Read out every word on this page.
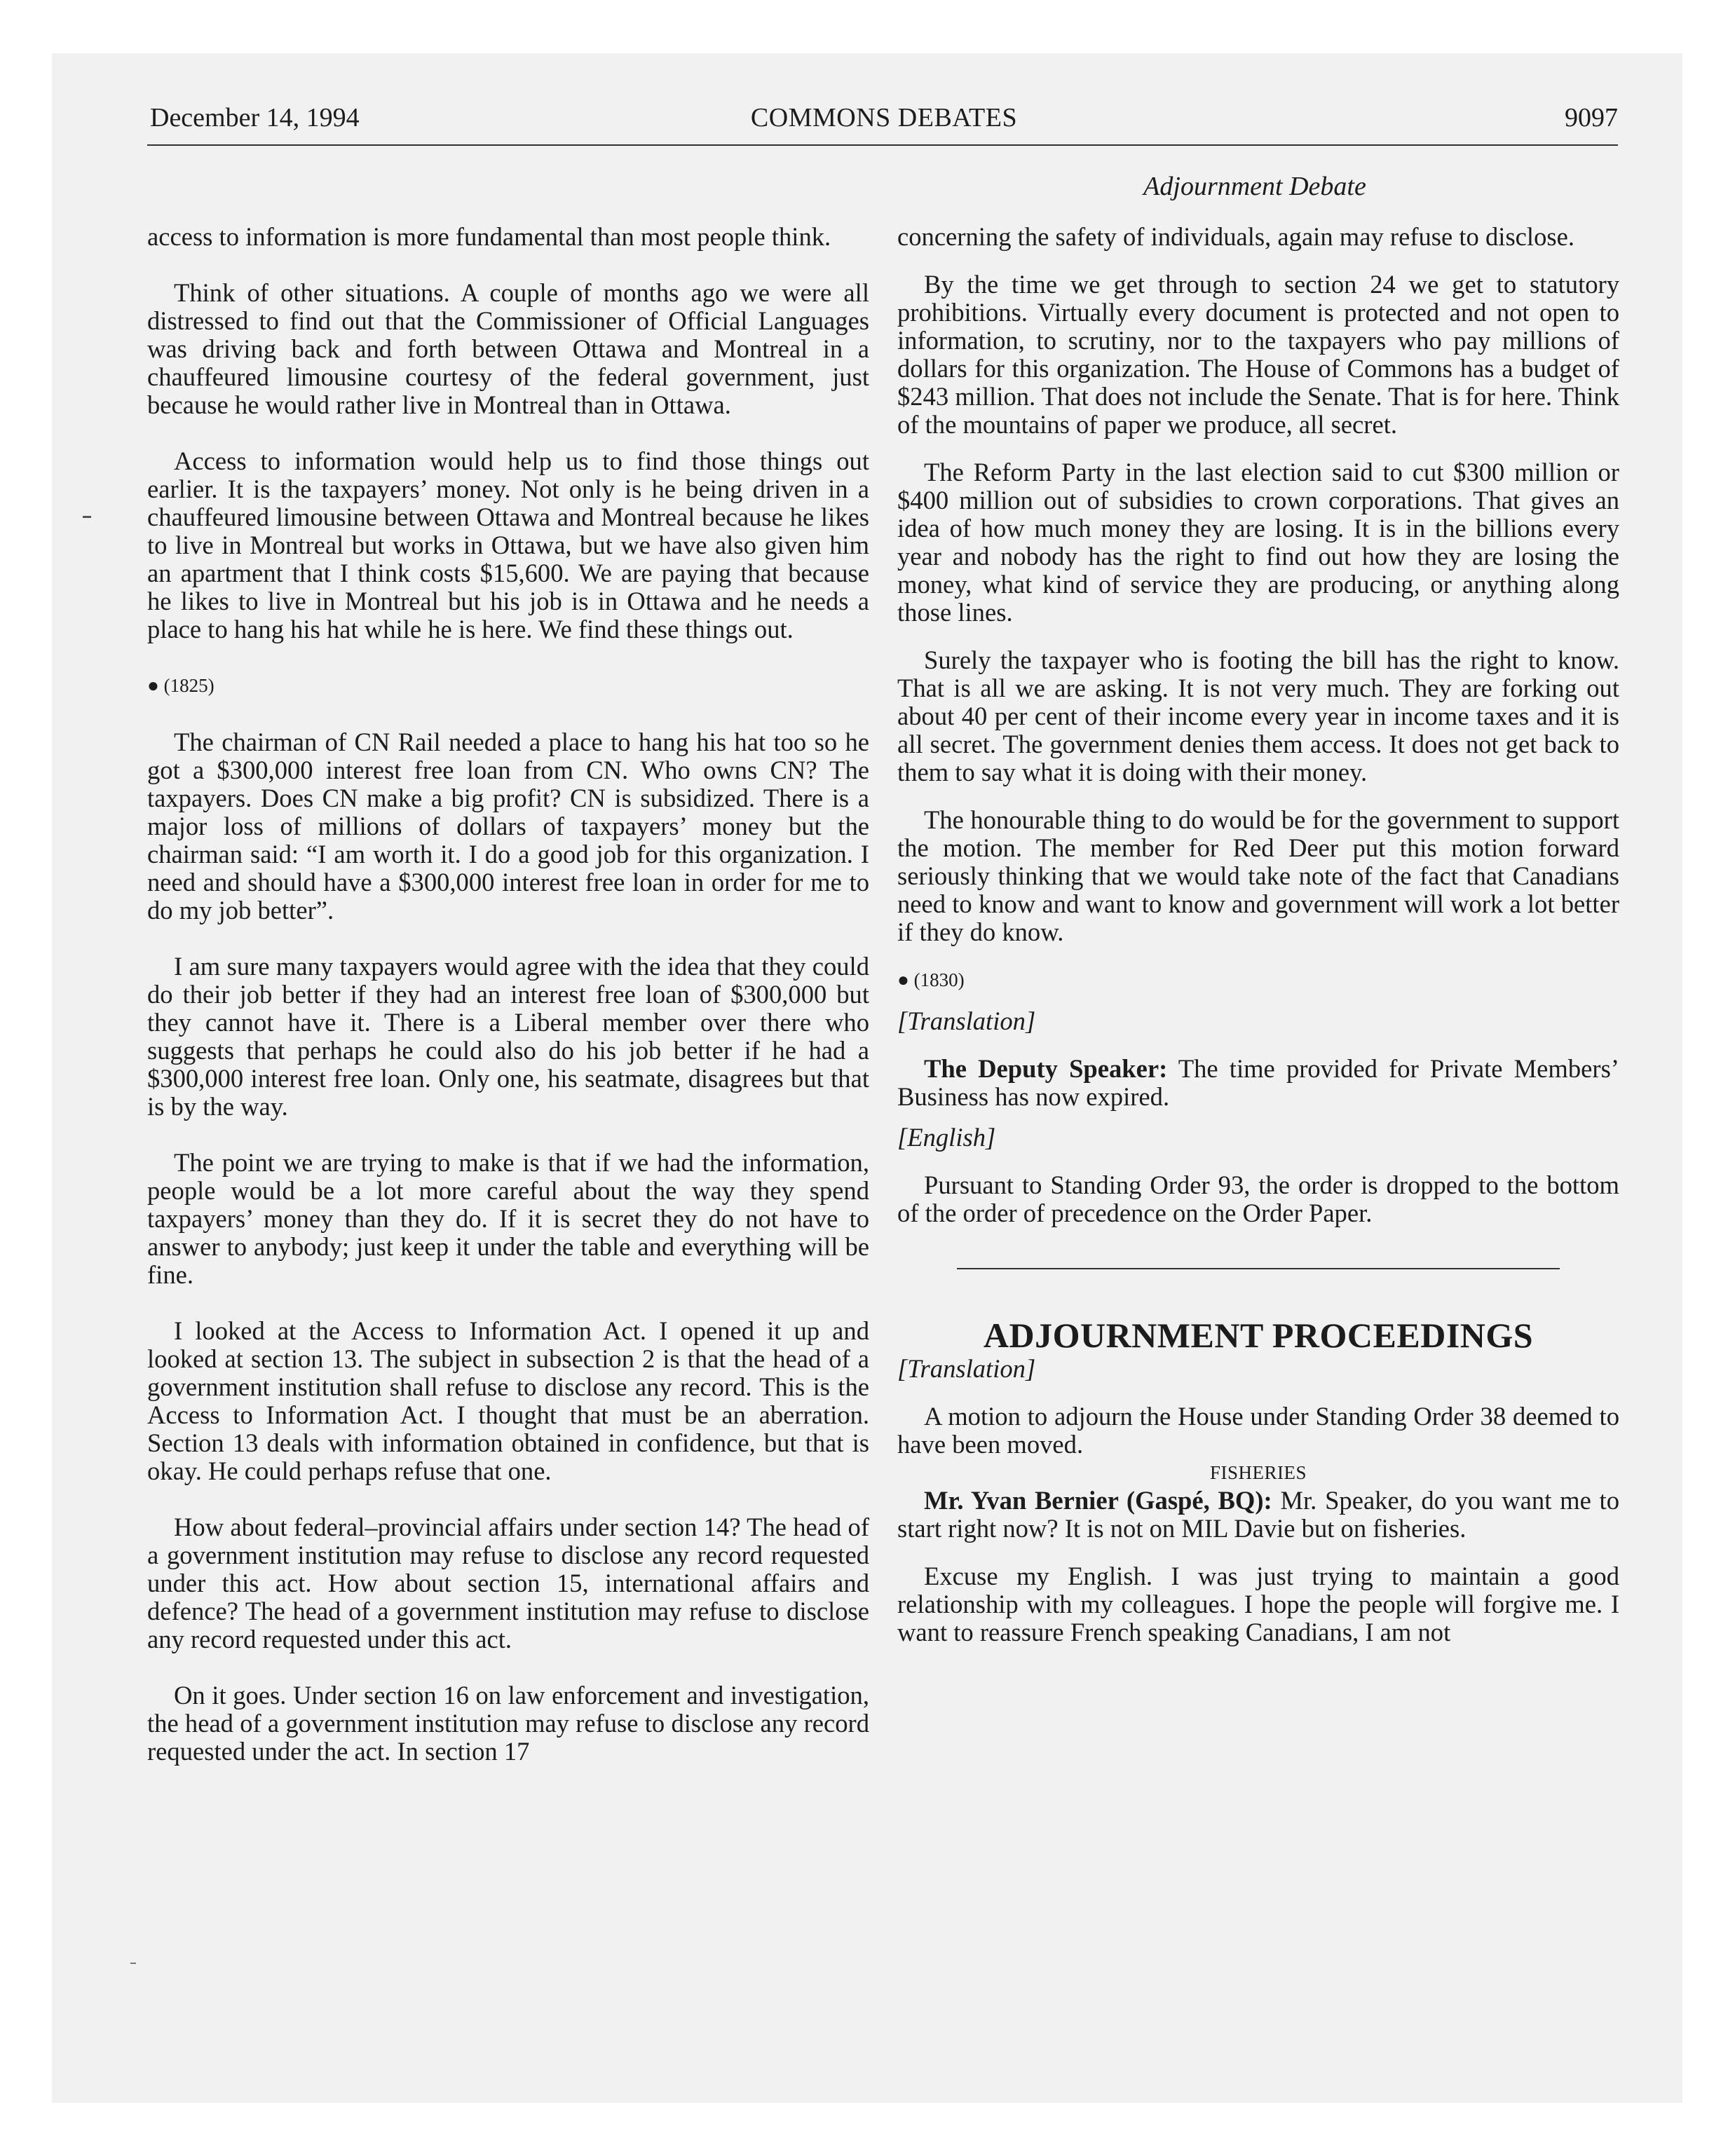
December 14, 1994	COMMONS DEBATES	9097
Adjournment Debate

access to information is more fundamental than most people think.

Think of other situations. A couple of months ago we were all distressed to find out that the Commissioner of Official Languages was driving back and forth between Ottawa and Montreal in a chauffeured limousine courtesy of the federal government, just because he would rather live in Montreal than in Ottawa.

Access to information would help us to find those things out earlier. It is the taxpayers’ money. Not only is he being driven in a chauffeured limousine between Ottawa and Montreal because he likes to live in Montreal but works in Ottawa, but we have also given him an apartment that I think costs $15,600. We are paying that because he likes to live in Montreal but his job is in Ottawa and he needs a place to hang his hat while he is here. We find these things out.

● (1825)

The chairman of CN Rail needed a place to hang his hat too so he got a $300,000 interest free loan from CN. Who owns CN? The taxpayers. Does CN make a big profit? CN is subsidized. There is a major loss of millions of dollars of taxpayers’ money but the chairman said: “I am worth it. I do a good job for this organization. I need and should have a $300,000 interest free loan in order for me to do my job better”.

I am sure many taxpayers would agree with the idea that they could do their job better if they had an interest free loan of $300,000 but they cannot have it. There is a Liberal member over there who suggests that perhaps he could also do his job better if he had a $300,000 interest free loan. Only one, his seatmate, disagrees but that is by the way.

The point we are trying to make is that if we had the information, people would be a lot more careful about the way they spend taxpayers’ money than they do. If it is secret they do not have to answer to anybody; just keep it under the table and everything will be fine.

I looked at the Access to Information Act. I opened it up and looked at section 13. The subject in subsection 2 is that the head of a government institution shall refuse to disclose any record. This is the Access to Information Act. I thought that must be an aberration. Section 13 deals with information obtained in confidence, but that is okay. He could perhaps refuse that one.

How about federal–provincial affairs under section 14? The head of a government institution may refuse to disclose any record requested under this act. How about section 15, international affairs and defence? The head of a government institution may refuse to disclose any record requested under this act.

On it goes. Under section 16 on law enforcement and investigation, the head of a government institution may refuse to disclose any record requested under the act. In section 17

concerning the safety of individuals, again may refuse to disclose.

By the time we get through to section 24 we get to statutory prohibitions. Virtually every document is protected and not open to information, to scrutiny, nor to the taxpayers who pay millions of dollars for this organization. The House of Commons has a budget of $243 million. That does not include the Senate. That is for here. Think of the mountains of paper we produce, all secret.

The Reform Party in the last election said to cut $300 million or $400 million out of subsidies to crown corporations. That gives an idea of how much money they are losing. It is in the billions every year and nobody has the right to find out how they are losing the money, what kind of service they are producing, or anything along those lines.

Surely the taxpayer who is footing the bill has the right to know. That is all we are asking. It is not very much. They are forking out about 40 per cent of their income every year in income taxes and it is all secret. The government denies them access. It does not get back to them to say what it is doing with their money.

The honourable thing to do would be for the government to support the motion. The member for Red Deer put this motion forward seriously thinking that we would take note of the fact that Canadians need to know and want to know and government will work a lot better if they do know.

● (1830)

[Translation]

The Deputy Speaker: The time provided for Private Members’ Business has now expired.

[English]

Pursuant to Standing Order 93, the order is dropped to the bottom of the order of precedence on the Order Paper.

ADJOURNMENT PROCEEDINGS

[Translation]

A motion to adjourn the House under Standing Order 38 deemed to have been moved.

FISHERIES

Mr. Yvan Bernier (Gaspé, BQ): Mr. Speaker, do you want me to start right now? It is not on MIL Davie but on fisheries.

Excuse my English. I was just trying to maintain a good relationship with my colleagues. I hope the people will forgive me. I want to reassure French speaking Canadians, I am not
